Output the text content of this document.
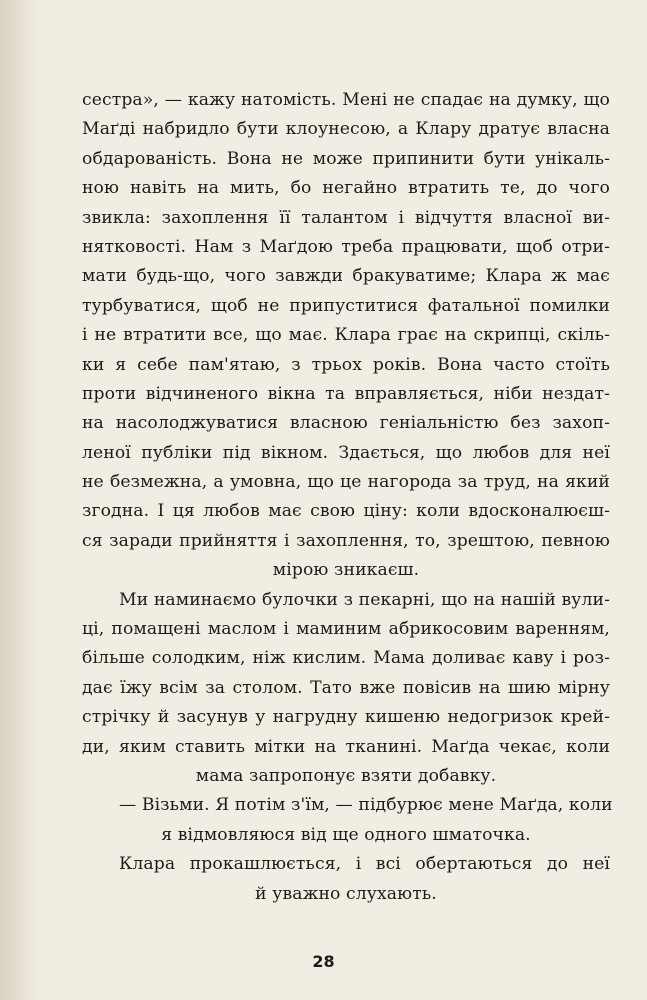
сестра», — кажу натомість. Мені не спадає на думку, що
Маґді набридло бути клоунесою, а Клару дратує власна
обдарованість. Вона не може припинити бути унікаль-
ною навіть на мить, бо негайно втратить те, до чого
звикла: захоплення її талантом і відчуття власної ви-
нятковості. Нам з Маґдою треба працювати, щоб отри-
мати будь-що, чого завжди бракуватиме; Клара ж має
турбуватися, щоб не припуститися фатальної помилки
і не втратити все, що має. Клара грає на скрипці, скіль-
ки я себе пам'ятаю, з трьох років. Вона часто стоїть
проти відчиненого вікна та вправляється, ніби нездат-
на насолоджуватися власною геніальністю без захоп-
леної публіки під вікном. Здається, що любов для неї
не безмежна, а умовна, що це нагорода за труд, на який
згодна. І ця любов має свою ціну: коли вдосконалюєш-
ся заради прийняття і захоплення, то, зрештою, певною
мірою зникаєш.
Ми наминаємо булочки з пекарні, що на нашій вули-
ці, помащені маслом і маминим абрикосовим варенням,
більше солодким, ніж кислим. Мама доливає каву і роз-
дає їжу всім за столом. Тато вже повісив на шию мірну
стрічку й засунув у нагрудну кишеню недогризок крей-
ди, яким ставить мітки на тканині. Маґда чекає, коли
мама запропонує взяти добавку.
— Візьми. Я потім з'їм, — підбурює мене Маґда, коли
я відмовляюся від ще одного шматочка.
Клара прокашлюється, і всі обертаються до неї
й уважно слухають.
28
